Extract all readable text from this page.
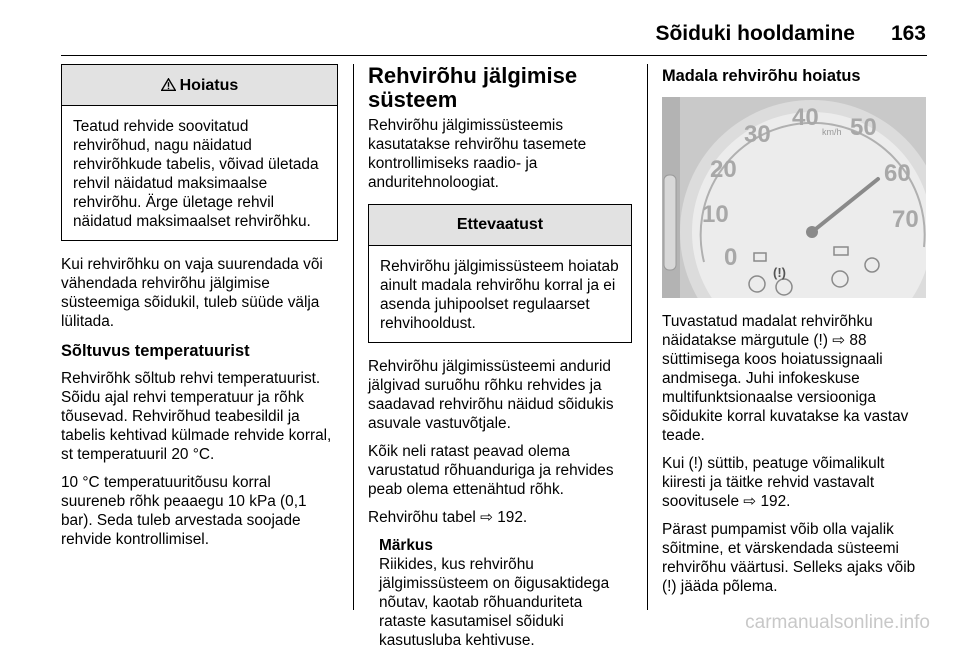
Sõiduki hooldamine 163
Hoiatus
Teatud rehvide soovitatud rehvirõhud, nagu näidatud rehvirõhkude tabelis, võivad ületada rehvil näidatud maksimaalse rehvirõhu. Ärge ületage rehvil näidatud maksimaalset rehvirõhku.

Kui rehvirõhku on vaja suurendada või vähendada rehvirõhu jälgimise süsteemiga sõidukil, tuleb süüde välja lülitada.

Sõltuvus temperatuurist

Rehvirõhk sõltub rehvi temperatuurist. Sõidu ajal rehvi temperatuur ja rõhk tõusevad. Rehvirõhud teabesildil ja tabelis kehtivad külmade rehvide korral, st temperatuuril 20 °C.

10 °C temperatuuritõusu korral suureneb rõhk peaaegu 10 kPa (0,1 bar). Seda tuleb arvestada soojade rehvide kontrollimisel.

Rehvirõhu jälgimise süsteem

Rehvirõhu jälgimissüsteemis kasutatakse rehvirõhu tasemete kontrollimiseks raadio- ja anduritehnoloogiat.

Ettevaatust
Rehvirõhu jälgimissüsteem hoiatab ainult madala rehvirõhu korral ja ei asenda juhipoolset regulaarset rehvihooldust.

Rehvirõhu jälgimissüsteemi andurid jälgivad suruõhu rõhku rehvides ja saadavad rehvirõhu näidud sõidukis asuvale vastuvõtjale.

Kõik neli ratast peavad olema varustatud rõhuanduriga ja rehvides peab olema ettenähtud rõhk.

Rehvirõhu tabel ⇨ 192.

Märkus

Riikides, kus rehvirõhu jälgimissüsteem on õigusaktidega nõutav, kaotab rõhuanduriteta rataste kasutamisel sõiduki kasutusluba kehtivuse.

Madala rehvirõhu hoiatus
(!)
0
10
20
30
40 50
60
70
km/h

Tuvastatud madalat rehvirõhku näidatakse märgutule (!) ⇨ 88 süttimisega koos hoiatussignaali andmisega. Juhi infokeskuse multifunktsionaalse versiooniga sõidukite korral kuvatakse ka vastav teade.

Kui (!) süttib, peatuge võimalikult kiiresti ja täitke rehvid vastavalt soovitusele ⇨ 192.

Pärast pumpamist võib olla vajalik sõitmine, et värskendada süsteemi rehvirõhu väärtusi. Selleks ajaks võib (!) jääda põlema.

carmanualsonline.info
